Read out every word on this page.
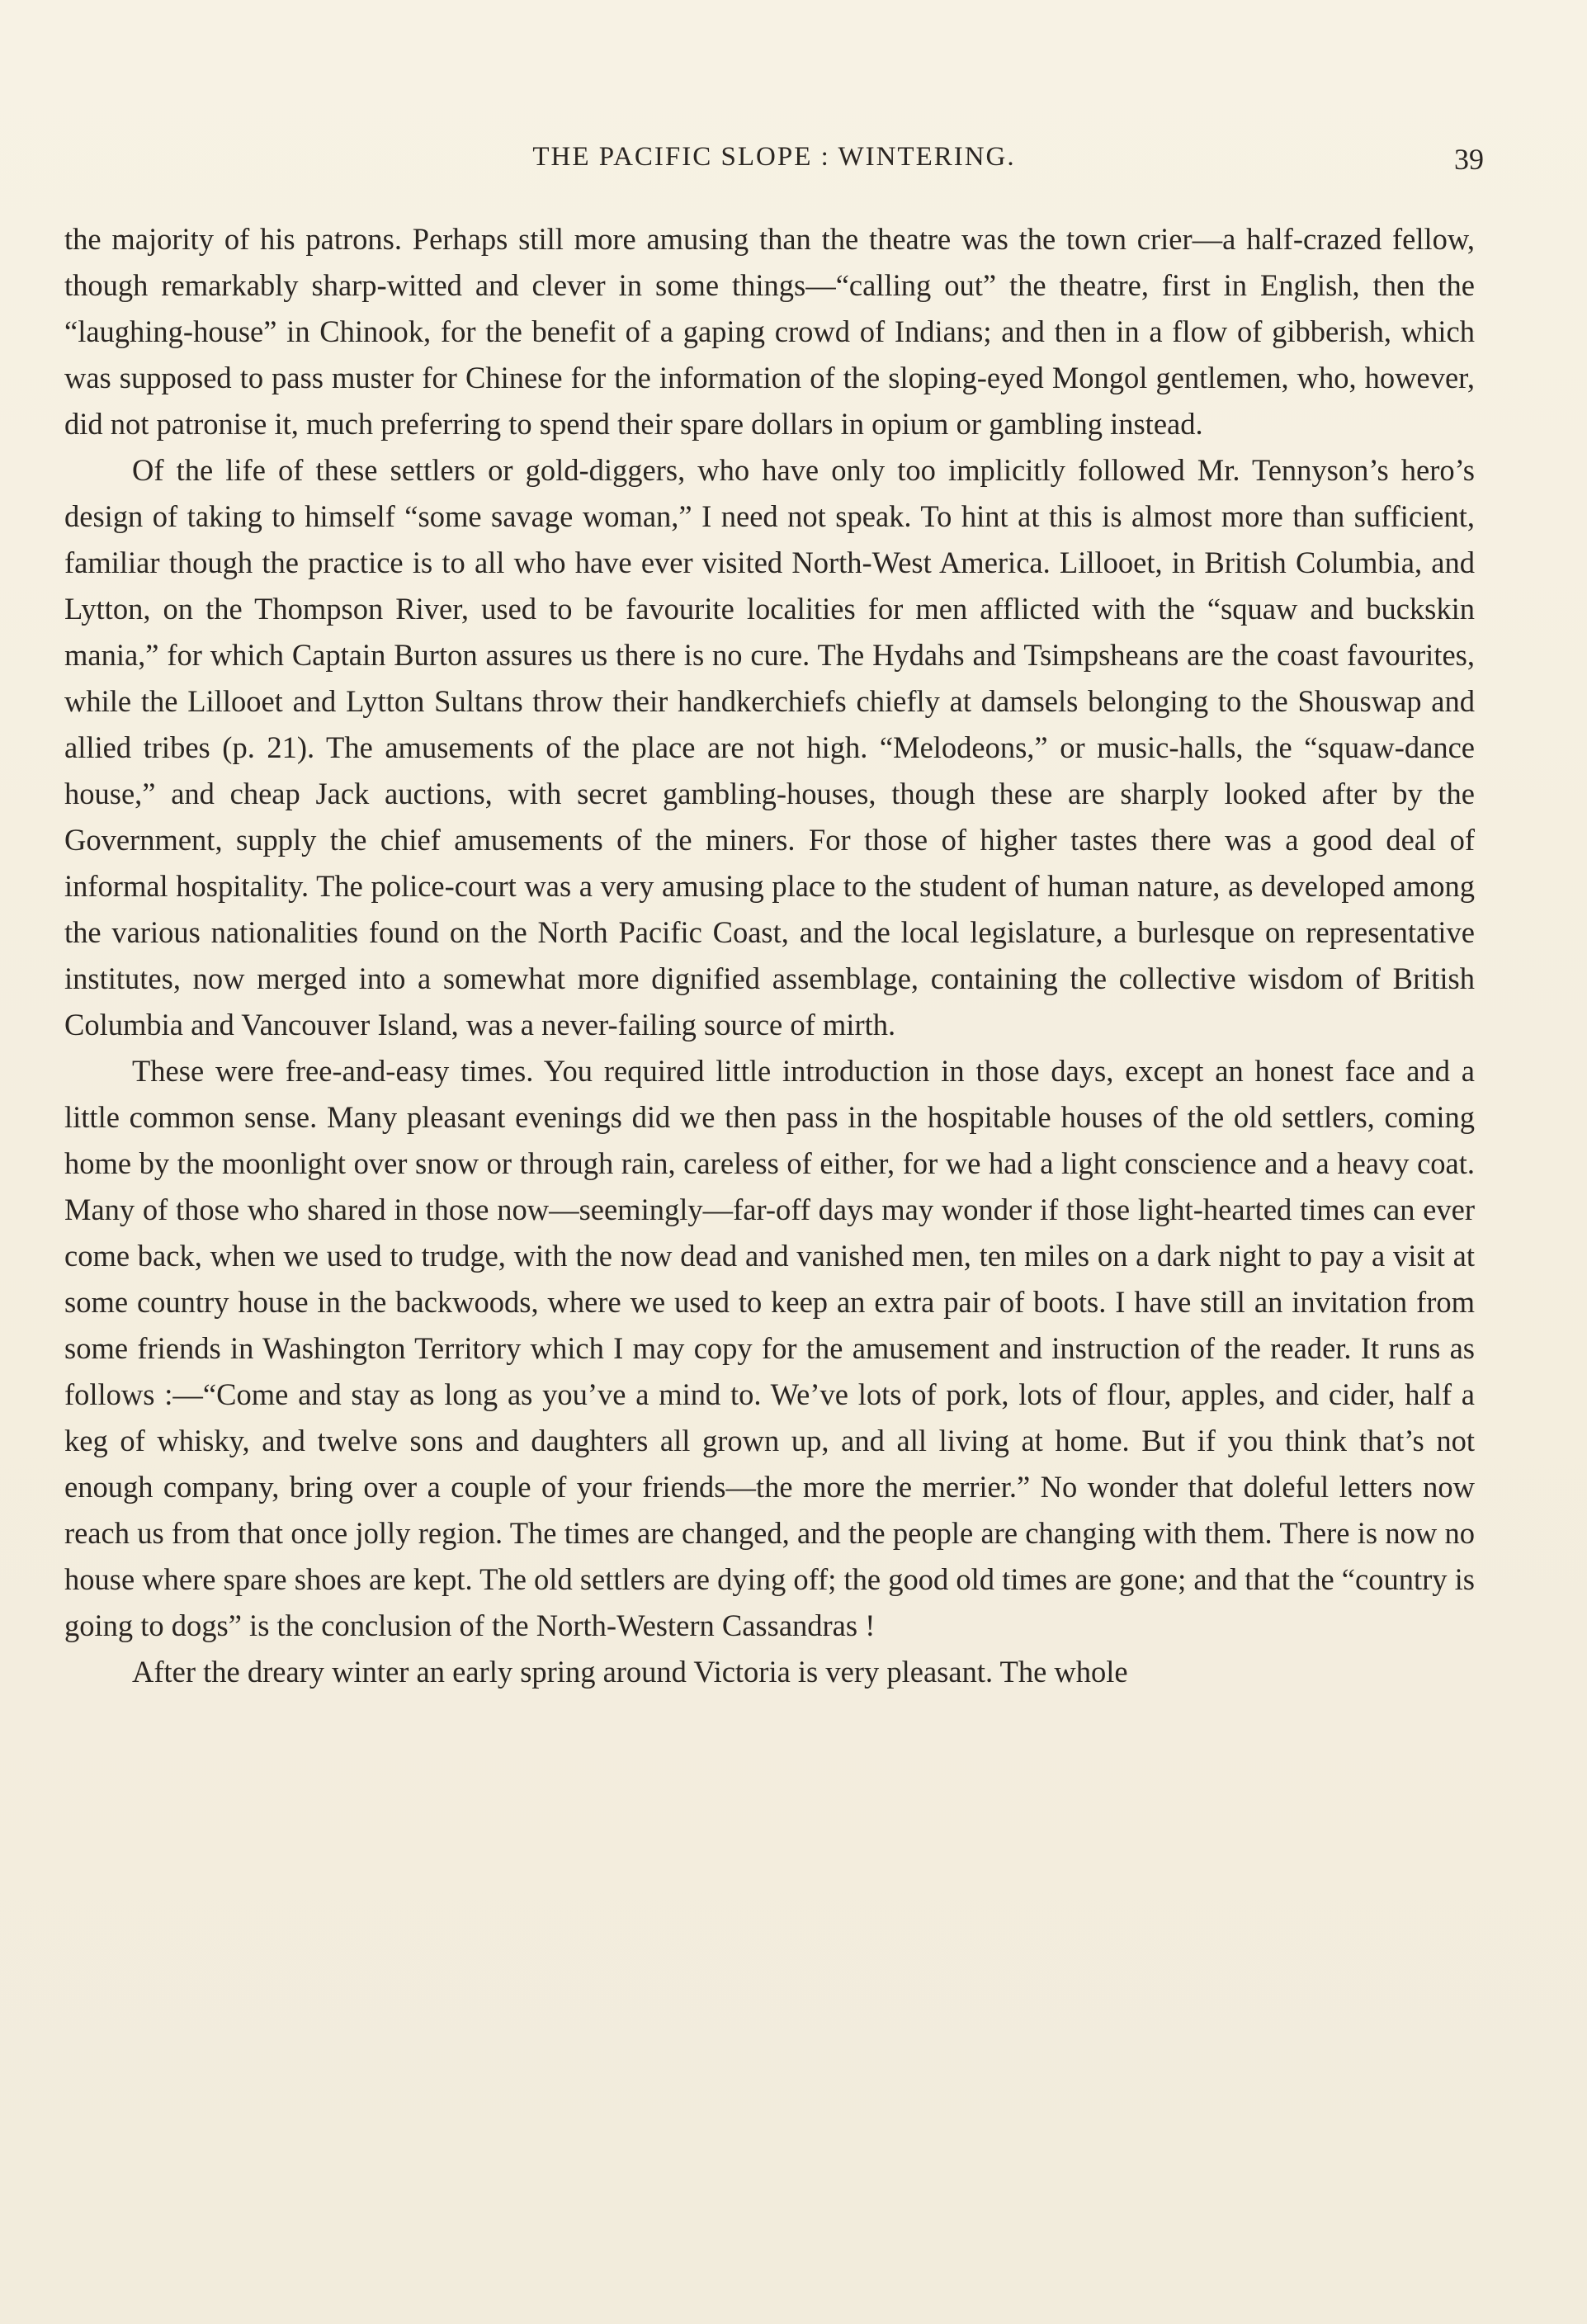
THE PACIFIC SLOPE : WINTERING.	39

the majority of his patrons. Perhaps still more amusing than the theatre was the town crier—a half-crazed fellow, though remarkably sharp-witted and clever in some things—“calling out” the theatre, first in English, then the “laughing-house” in Chinook, for the benefit of a gaping crowd of Indians; and then in a flow of gibberish, which was supposed to pass muster for Chinese for the information of the sloping-eyed Mongol gentlemen, who, however, did not patronise it, much preferring to spend their spare dollars in opium or gambling instead.

Of the life of these settlers or gold-diggers, who have only too implicitly followed Mr. Tennyson’s hero’s design of taking to himself “some savage woman,” I need not speak. To hint at this is almost more than sufficient, familiar though the practice is to all who have ever visited North-West America. Lillooet, in British Columbia, and Lytton, on the Thompson River, used to be favourite localities for men afflicted with the “squaw and buckskin mania,” for which Captain Burton assures us there is no cure. The Hydahs and Tsimpsheans are the coast favourites, while the Lillooet and Lytton Sultans throw their handkerchiefs chiefly at damsels belonging to the Shouswap and allied tribes (p. 21). The amusements of the place are not high. “Melodeons,” or music-halls, the “squaw-dance house,” and cheap Jack auctions, with secret gambling-houses, though these are sharply looked after by the Government, supply the chief amusements of the miners. For those of higher tastes there was a good deal of informal hospitality. The police-court was a very amusing place to the student of human nature, as developed among the various nationalities found on the North Pacific Coast, and the local legislature, a burlesque on representative institutes, now merged into a somewhat more dignified assemblage, containing the collective wisdom of British Columbia and Vancouver Island, was a never-failing source of mirth.

These were free-and-easy times. You required little introduction in those days, except an honest face and a little common sense. Many pleasant evenings did we then pass in the hospitable houses of the old settlers, coming home by the moonlight over snow or through rain, careless of either, for we had a light conscience and a heavy coat. Many of those who shared in those now—seemingly—far-off days may wonder if those light-hearted times can ever come back, when we used to trudge, with the now dead and vanished men, ten miles on a dark night to pay a visit at some country house in the backwoods, where we used to keep an extra pair of boots. I have still an invitation from some friends in Washington Territory which I may copy for the amusement and instruction of the reader. It runs as follows :—“Come and stay as long as you’ve a mind to. We’ve lots of pork, lots of flour, apples, and cider, half a keg of whisky, and twelve sons and daughters all grown up, and all living at home. But if you think that’s not enough company, bring over a couple of your friends—the more the merrier.” No wonder that doleful letters now reach us from that once jolly region. The times are changed, and the people are changing with them. There is now no house where spare shoes are kept. The old settlers are dying off; the good old times are gone; and that the “country is going to dogs” is the conclusion of the North-Western Cassandras !

After the dreary winter an early spring around Victoria is very pleasant. The whole
